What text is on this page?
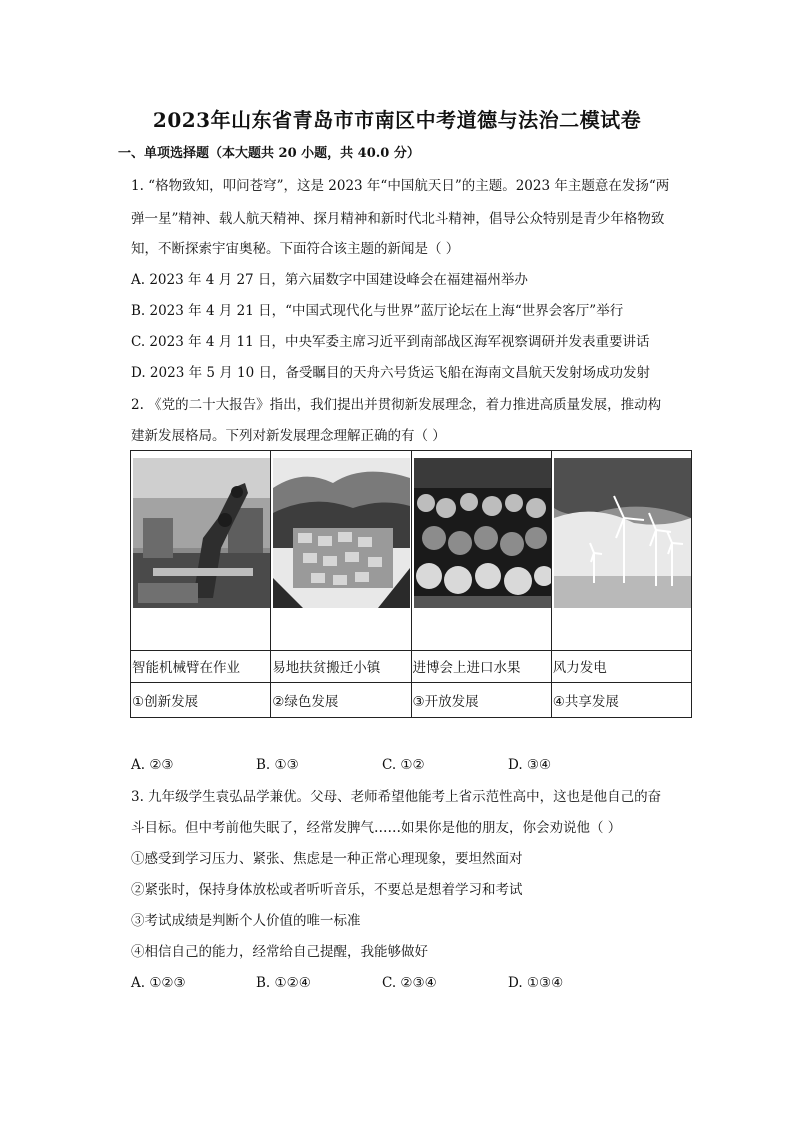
2023年山东省青岛市市南区中考道德与法治二模试卷
一、单项选择题（本大题共 20 小题，共 40.0 分）
1. “格物致知，叩问苍穹”，这是 2023 年“中国航天日”的主题。2023 年主题意在发扬“两
弹一星”精神、载人航天精神、探月精神和新时代北斗精神，倡导公众特别是青少年格物致
知，不断探索宇宙奥秘。下面符合该主题的新闻是（ ）
A. 2023 年 4 月 27 日，第六届数字中国建设峰会在福建福州举办
B. 2023 年 4 月 21 日，“中国式现代化与世界”蓝厅论坛在上海“世界会客厅”举行
C. 2023 年 4 月 11 日，中央军委主席习近平到南部战区海军视察调研并发表重要讲话
D. 2023 年 5 月 10 日，备受瞩目的天舟六号货运飞船在海南文昌航天发射场成功发射
2. 《党的二十大报告》指出，我们提出并贯彻新发展理念，着力推进高质量发展，推动构
建新发展格局。下列对新发展理念理解正确的有（ ）

智能机械臂在作业	易地扶贫搬迁小镇	进博会上进口水果	风力发电
①创新发展	②绿色发展	③开放发展	④共享发展
A. ②③	B. ①③	C. ①②	D. ③④
3. 九年级学生袁弘品学兼优。父母、老师希望他能考上省示范性高中，这也是他自己的奋
斗目标。但中考前他失眠了，经常发脾气……如果你是他的朋友，你会劝说他（ ）
①感受到学习压力、紧张、焦虑是一种正常心理现象，要坦然面对
②紧张时，保持身体放松或者听听音乐，不要总是想着学习和考试
③考试成绩是判断个人价值的唯一标准
④相信自己的能力，经常给自己提醒，我能够做好
A. ①②③	B. ①②④	C. ②③④	D. ①③④
